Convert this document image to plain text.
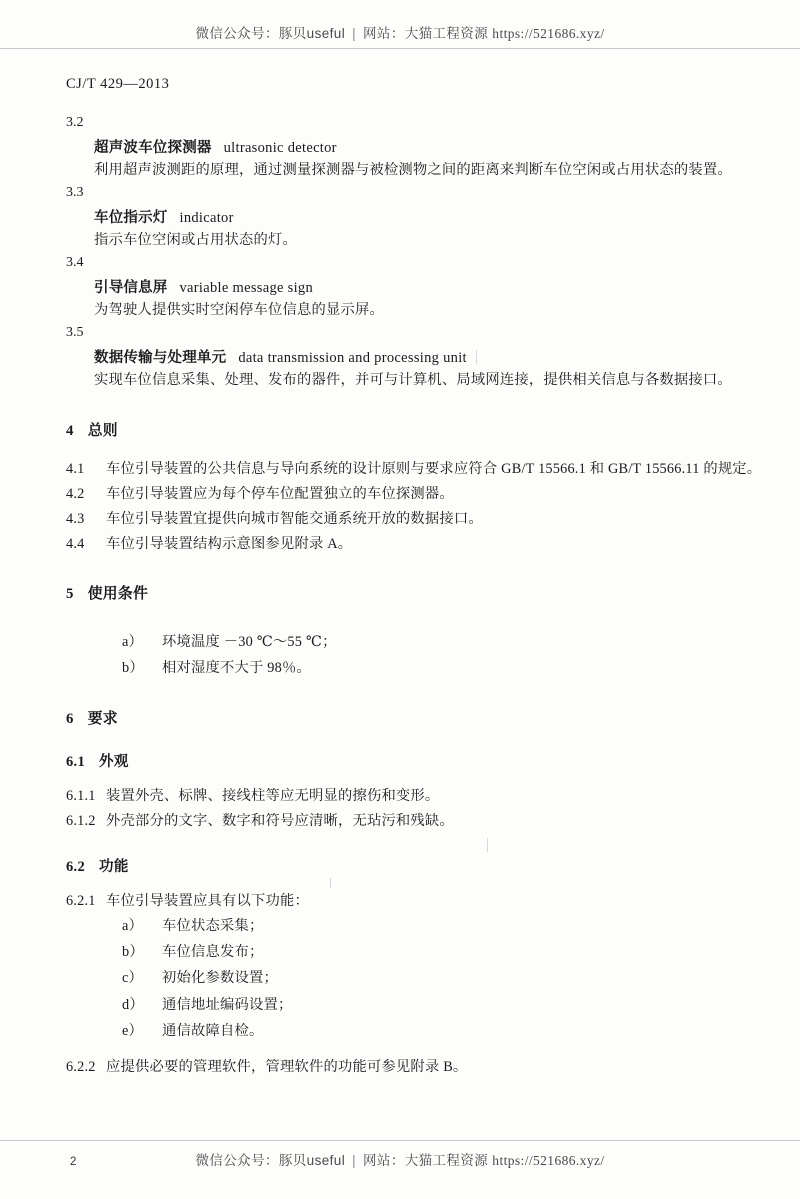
微信公众号：豚贝useful | 网站：大猫工程资源 https://521686.xyz/
CJ/T 429—2013
3.2
超声波车位探测器 ultrasonic detector
利用超声波测距的原理，通过测量探测器与被检测物之间的距离来判断车位空闲或占用状态的装置。
3.3
车位指示灯 indicator
指示车位空闲或占用状态的灯。
3.4
引导信息屏 variable message sign
为驾驶人提供实时空闲停车位信息的显示屏。
3.5
数据传输与处理单元 data transmission and processing unit
实现车位信息采集、处理、发布的器件，并可与计算机、局域网连接，提供相关信息与各数据接口。
4 总则
4.1 车位引导装置的公共信息与导向系统的设计原则与要求应符合 GB/T 15566.1 和 GB/T 15566.11 的规定。
4.2 车位引导装置应为每个停车位配置独立的车位探测器。
4.3 车位引导装置宜提供向城市智能交通系统开放的数据接口。
4.4 车位引导装置结构示意图参见附录 A。
5 使用条件
a） 环境温度 －30 ℃～55 ℃；
b） 相对湿度不大于 98％。
6 要求
6.1 外观
6.1.1 装置外壳、标牌、接线柱等应无明显的擦伤和变形。
6.1.2 外壳部分的文字、数字和符号应清晰，无玷污和残缺。
6.2 功能
6.2.1 车位引导装置应具有以下功能：
a） 车位状态采集；
b） 车位信息发布；
c） 初始化参数设置；
d） 通信地址编码设置；
e） 通信故障自检。
6.2.2 应提供必要的管理软件，管理软件的功能可参见附录 B。
2	微信公众号：豚贝useful | 网站：大猫工程资源 https://521686.xyz/
